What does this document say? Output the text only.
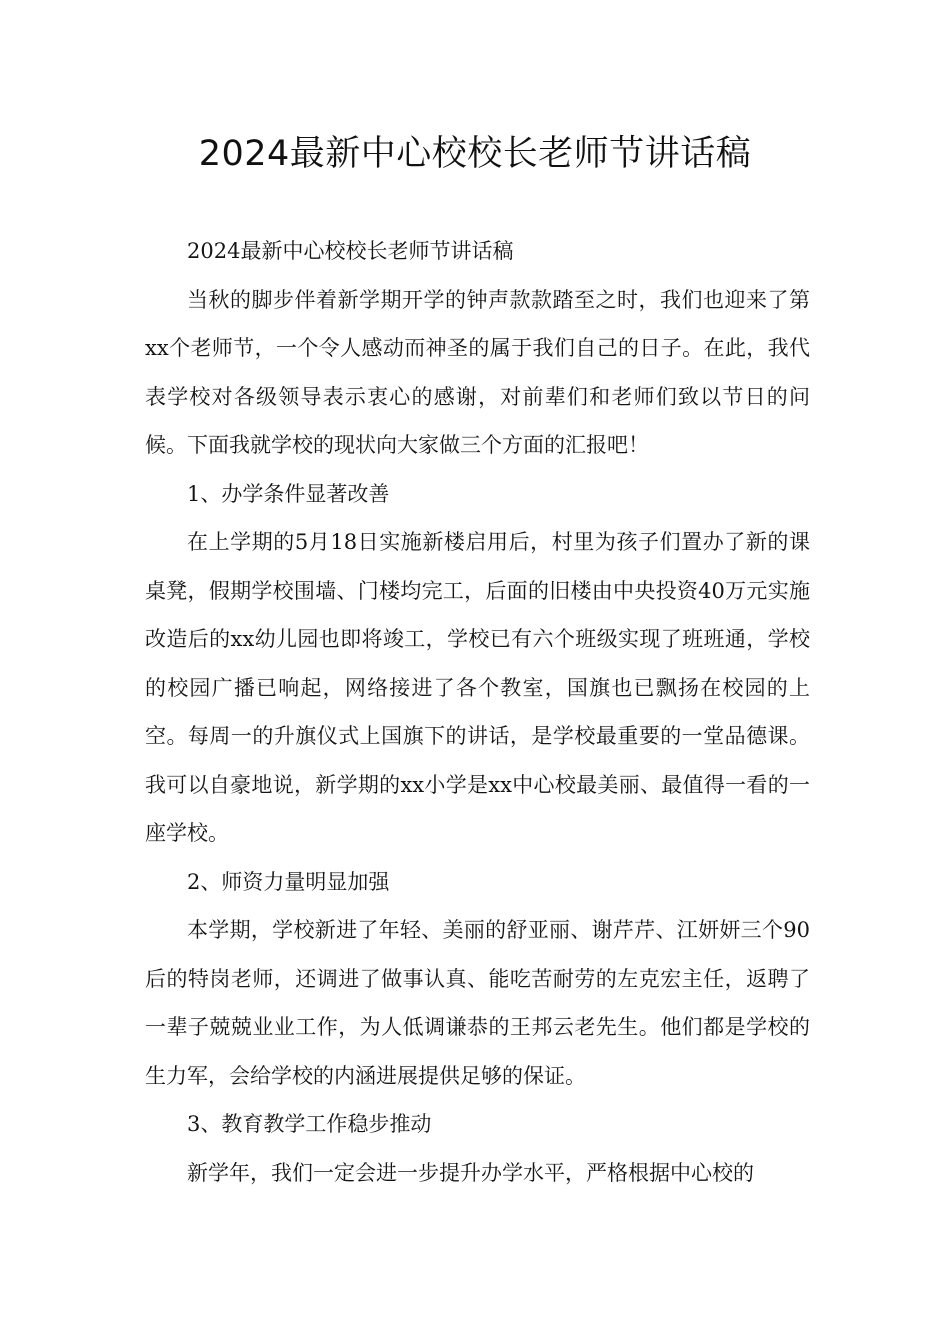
2024最新中心校校长老师节讲话稿

2024最新中心校校长老师节讲话稿

当秋的脚步伴着新学期开学的钟声款款踏至之时，我们也迎来了第xx个老师节，一个令人感动而神圣的属于我们自己的日子。在此，我代表学校对各级领导表示衷心的感谢，对前辈们和老师们致以节日的问候。下面我就学校的现状向大家做三个方面的汇报吧！

1、办学条件显著改善

在上学期的5月18日实施新楼启用后，村里为孩子们置办了新的课桌凳，假期学校围墙、门楼均完工，后面的旧楼由中央投资40万元实施改造后的xx幼儿园也即将竣工，学校已有六个班级实现了班班通，学校的校园广播已响起，网络接进了各个教室，国旗也已飘扬在校园的上空。每周一的升旗仪式上国旗下的讲话，是学校最重要的一堂品德课。我可以自豪地说，新学期的xx小学是xx中心校最美丽、最值得一看的一座学校。

2、师资力量明显加强

本学期，学校新进了年轻、美丽的舒亚丽、谢芹芹、江妍妍三个90后的特岗老师，还调进了做事认真、能吃苦耐劳的左克宏主任，返聘了一辈子兢兢业业工作，为人低调谦恭的王邦云老先生。他们都是学校的生力军，会给学校的内涵进展提供足够的保证。

3、教育教学工作稳步推动

新学年，我们一定会进一步提升办学水平，严格根据中心校的
